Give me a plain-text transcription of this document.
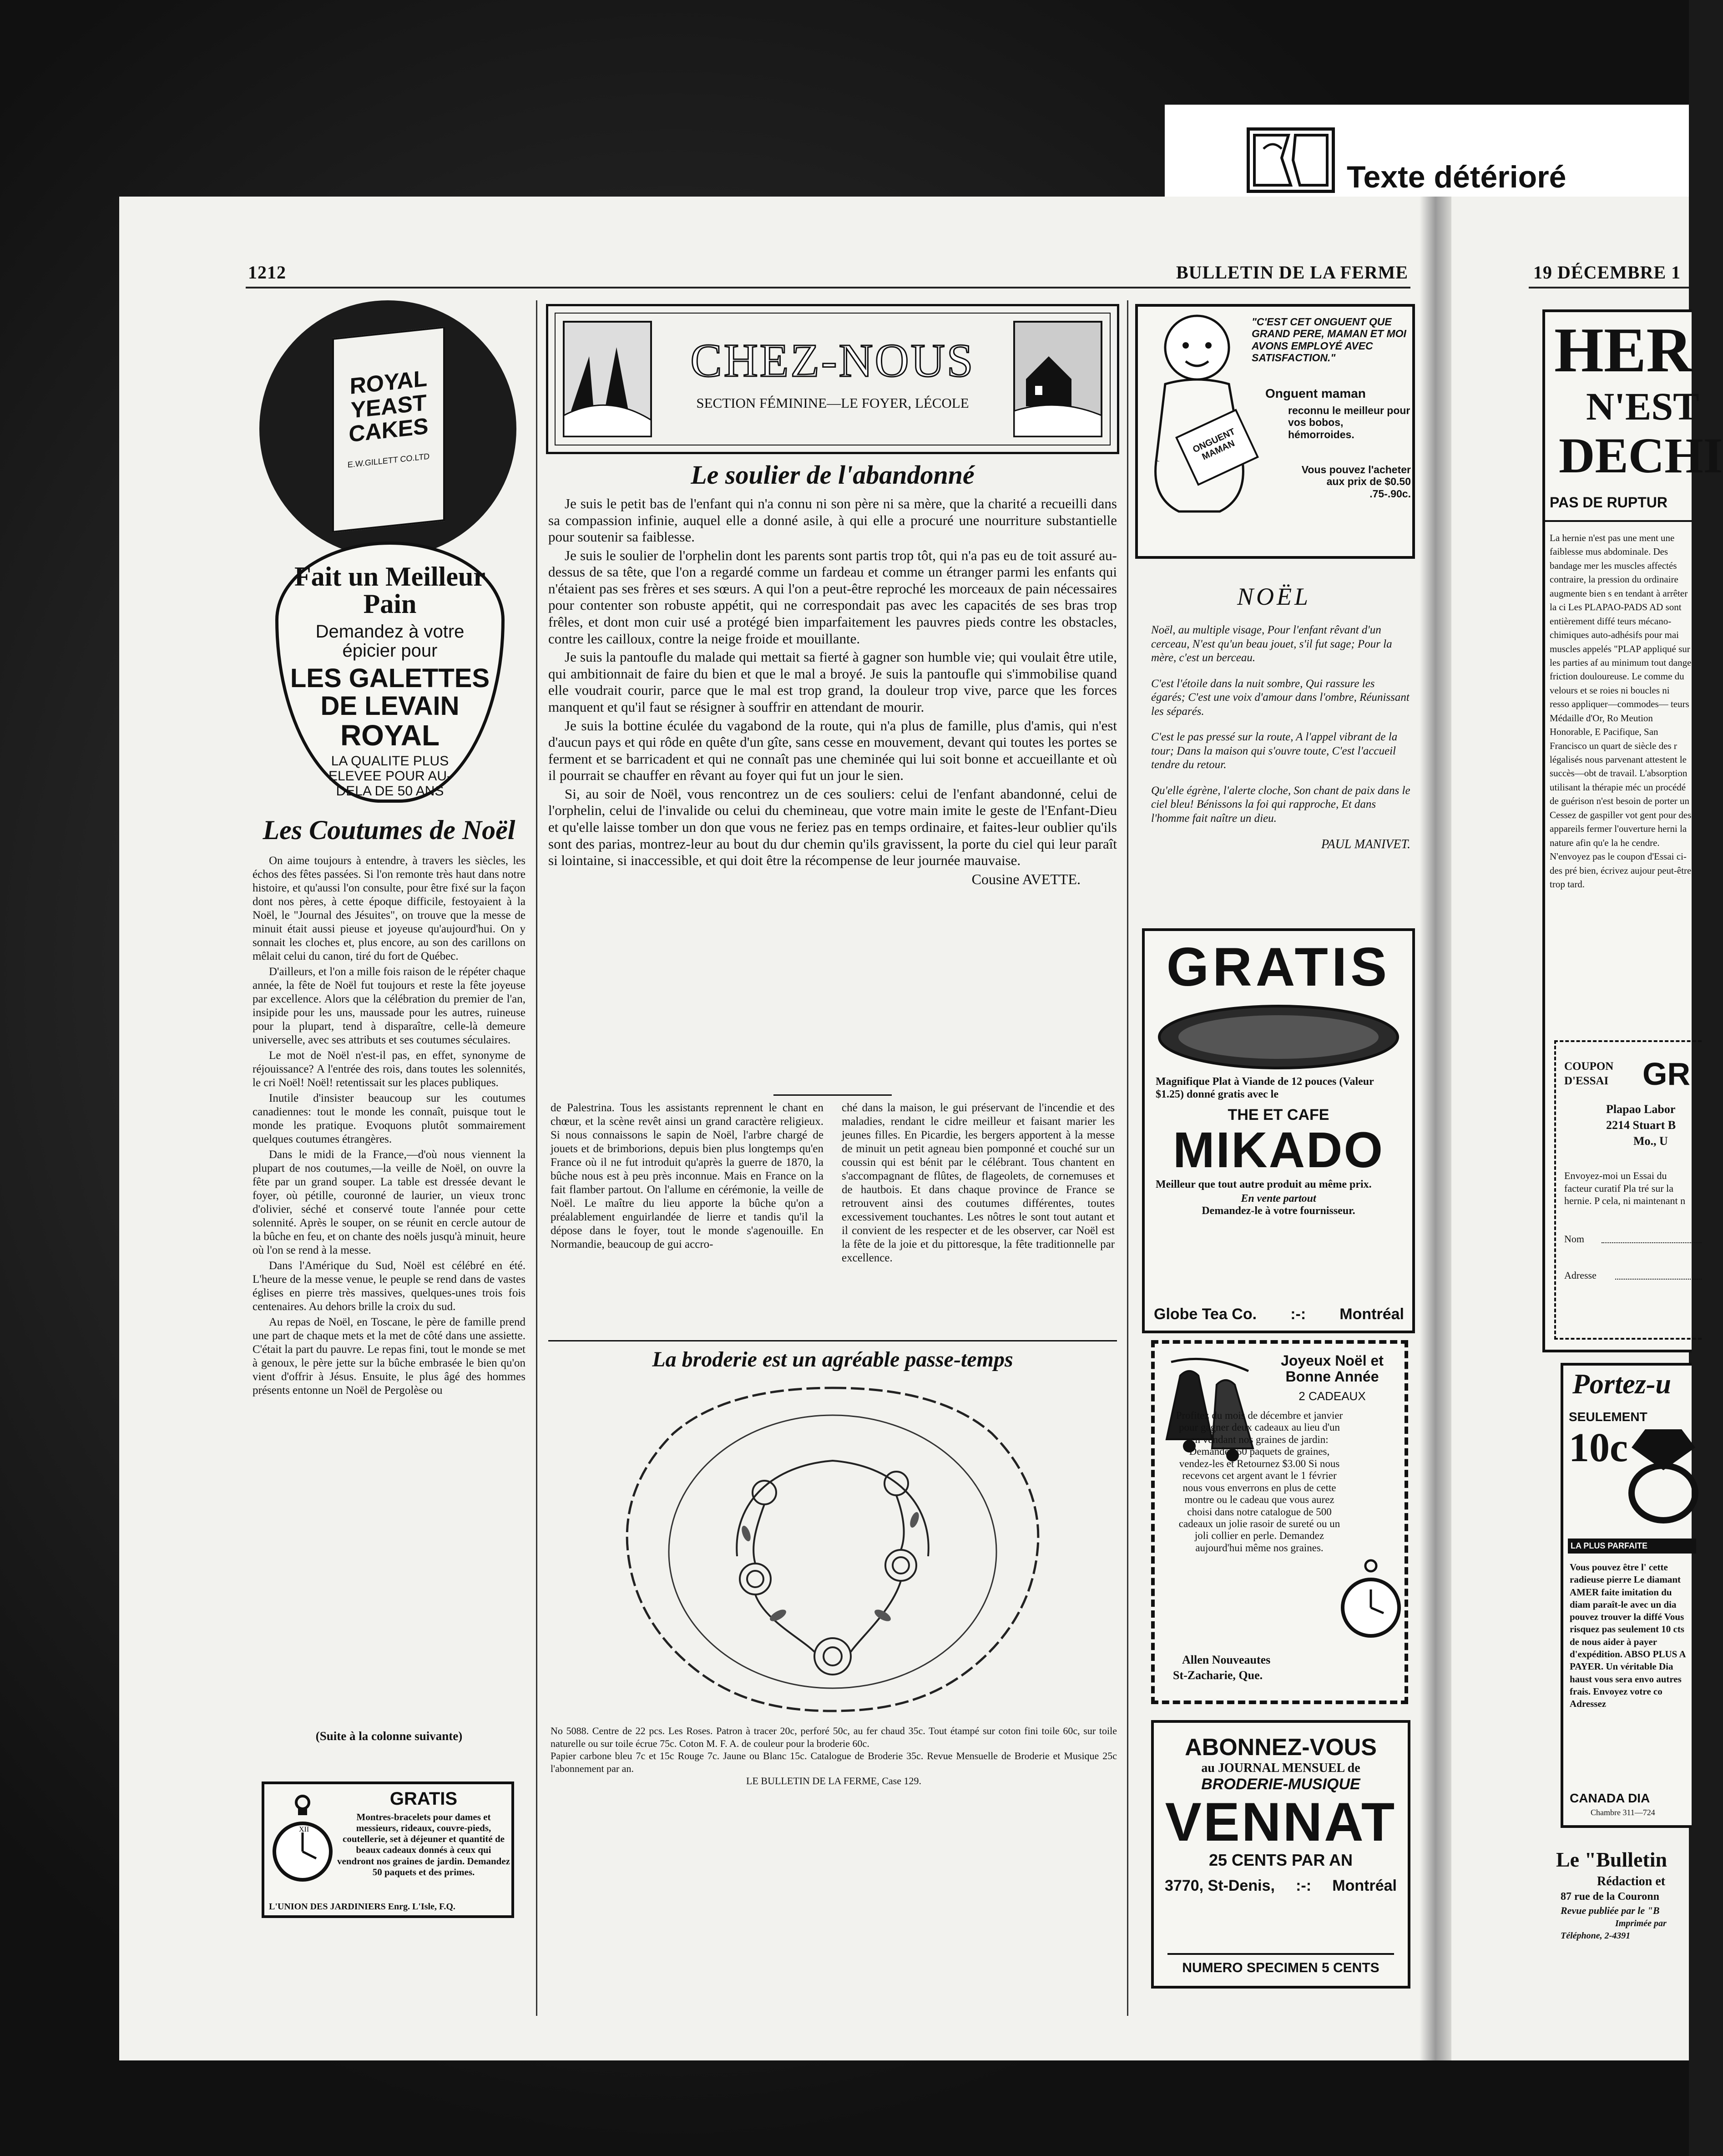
Texte détérioré
1212	BULLETIN DE LA FERME	19 DÉCEMBRE 1
ROYAL
YEAST
CAKES
E.W.GILLETT CO.LTD
Fait un Meilleur Pain
Demandez à votre épicier pour
LES GALETTES
DE LEVAIN
ROYAL
LA QUALITE PLUS ELEVEE POUR AU-DELA DE 50 ANS
Les Coutumes de Noël

On aime toujours à entendre, à travers les siècles, les échos des fêtes passées. Si l'on remonte très haut dans notre histoire, et qu'aussi l'on consulte, pour être fixé sur la façon dont nos pères, à cette époque difficile, festoyaient à la Noël, le "Journal des Jésuites", on trouve que la messe de minuit était aussi pieuse et joyeuse qu'aujourd'hui. On y sonnait les cloches et, plus encore, au son des carillons on mêlait celui du canon, tiré du fort de Québec.

D'ailleurs, et l'on a mille fois raison de le répéter chaque année, la fête de Noël fut toujours et reste la fête joyeuse par excellence. Alors que la célébration du premier de l'an, insipide pour les uns, maussade pour les autres, ruineuse pour la plupart, tend à disparaître, celle-là demeure universelle, avec ses attributs et ses coutumes séculaires.

Le mot de Noël n'est-il pas, en effet, synonyme de réjouissance? A l'entrée des rois, dans toutes les solennités, le cri Noël! Noël! retentissait sur les places publiques.

Inutile d'insister beaucoup sur les coutumes canadiennes: tout le monde les connaît, puisque tout le monde les pratique. Evoquons plutôt sommairement quelques coutumes étrangères.

Dans le midi de la France,—d'où nous viennent la plupart de nos coutumes,—la veille de Noël, on ouvre la fête par un grand souper. La table est dressée devant le foyer, où pétille, couronné de laurier, un vieux tronc d'olivier, séché et conservé toute l'année pour cette solennité. Après le souper, on se réunit en cercle autour de la bûche en feu, et on chante des noëls jusqu'à minuit, heure où l'on se rend à la messe.

Dans l'Amérique du Sud, Noël est célébré en été. L'heure de la messe venue, le peuple se rend dans de vastes églises en pierre très massives, quelques-unes trois fois centenaires. Au dehors brille la croix du sud.

Au repas de Noël, en Toscane, le père de famille prend une part de chaque mets et la met de côté dans une assiette. C'était la part du pauvre. Le repas fini, tout le monde se met à genoux, le père jette sur la bûche embrasée le bien qu'on vient d'offrir à Jésus. Ensuite, le plus âgé des hommes présents entonne un Noël de Pergolèse ou

(Suite à la colonne suivante)
XII
GRATIS
Montres-bracelets pour dames et messieurs, rideaux, couvre-pieds, coutellerie, set à déjeuner et quantité de beaux cadeaux donnés à ceux qui vendront nos graines de jardin. Demandez 50 paquets et des primes.
L'UNION DES JARDINIERS Enrg. L'Isle, F.Q.
CHEZ-NOUS
SECTION FÉMININE—LE FOYER, LÉCOLE
Le soulier de l'abandonné

Je suis le petit bas de l'enfant qui n'a connu ni son père ni sa mère, que la charité a recueilli dans sa compassion infinie, auquel elle a donné asile, à qui elle a procuré une nourriture substantielle pour soutenir sa faiblesse.

Je suis le soulier de l'orphelin dont les parents sont partis trop tôt, qui n'a pas eu de toit assuré au-dessus de sa tête, que l'on a regardé comme un fardeau et comme un étranger parmi les enfants qui n'étaient pas ses frères et ses sœurs. A qui l'on a peut-être reproché les morceaux de pain nécessaires pour contenter son robuste appétit, qui ne correspondait pas avec les capacités de ses bras trop frêles, et dont mon cuir usé a protégé bien imparfaitement les pauvres pieds contre les obstacles, contre les cailloux, contre la neige froide et mouillante.

Je suis la pantoufle du malade qui mettait sa fierté à gagner son humble vie; qui voulait être utile, qui ambitionnait de faire du bien et que le mal a broyé. Je suis la pantoufle qui s'immobilise quand elle voudrait courir, parce que le mal est trop grand, la douleur trop vive, parce que les forces manquent et qu'il faut se résigner à souffrir en attendant de mourir.

Je suis la bottine éculée du vagabond de la route, qui n'a plus de famille, plus d'amis, qui n'est d'aucun pays et qui rôde en quête d'un gîte, sans cesse en mouvement, devant qui toutes les portes se ferment et se barricadent et qui ne connaît pas une cheminée qui lui soit bonne et accueillante et où il pourrait se chauffer en rêvant au foyer qui fut un jour le sien.

Si, au soir de Noël, vous rencontrez un de ces souliers: celui de l'enfant abandonné, celui de l'orphelin, celui de l'invalide ou celui du chemineau, que votre main imite le geste de l'Enfant-Dieu et qu'elle laisse tomber un don que vous ne feriez pas en temps ordinaire, et faites-leur oublier qu'ils sont des parias, montrez-leur au bout du dur chemin qu'ils gravissent, la porte du ciel qui leur paraît si lointaine, si inaccessible, et qui doit être la récompense de leur journée mauvaise.

Cousine AVETTE.
de Palestrina. Tous les assistants reprennent le chant en chœur, et la scène revêt ainsi un grand caractère religieux. Si nous connaissons le sapin de Noël, l'arbre chargé de jouets et de brimborions, depuis bien plus longtemps qu'en France où il ne fut introduit qu'après la guerre de 1870, la bûche nous est à peu près inconnue. Mais en France on la fait flamber partout. On l'allume en cérémonie, la veille de Noël. Le maître du lieu apporte la bûche qu'on a préalablement enguirlandée de lierre et tandis qu'il la dépose dans le foyer, tout le monde s'agenouille. En Normandie, beaucoup de gui accro-
ché dans la maison, le gui préservant de l'incendie et des maladies, rendant le cidre meilleur et faisant marier les jeunes filles. En Picardie, les bergers apportent à la messe de minuit un petit agneau bien pomponné et couché sur un coussin qui est bénit par le célébrant. Tous chantent en s'accompagnant de flûtes, de flageolets, de cornemuses et de hautbois. Et dans chaque province de France se retrouvent ainsi des coutumes différentes, toutes excessivement touchantes. Les nôtres le sont tout autant et il convient de les respecter et de les observer, car Noël est la fête de la joie et du pittoresque, la fête traditionnelle par excellence.
La broderie est un agréable passe-temps
No 5088. Centre de 22 pcs. Les Roses. Patron à tracer 20c, perforé 50c, au fer chaud 35c. Tout étampé sur coton fini toile 60c, sur toile naturelle ou sur toile écrue 75c. Coton M. F. A. de couleur pour la broderie 60c.
Papier carbone bleu 7c et 15c Rouge 7c. Jaune ou Blanc 15c. Catalogue de Broderie 35c. Revue Mensuelle de Broderie et Musique 25c l'abonnement par an.
LE BULLETIN DE LA FERME, Case 129.
ONGUENT MAMAN
"C'EST CET ONGUENT QUE GRAND PERE, MAMAN ET MOI AVONS EMPLOYÉ AVEC SATISFACTION."
Onguent maman
reconnu le meilleur pour vos bobos, hémorroides.
Vous pouvez l'acheter aux prix de $0.50 .75-.90c.
NOËL

Noël, au multiple visage, Pour l'enfant rêvant d'un cerceau, N'est qu'un beau jouet, s'il fut sage; Pour la mère, c'est un berceau.

C'est l'étoile dans la nuit sombre, Qui rassure les égarés; C'est une voix d'amour dans l'ombre, Réunissant les séparés.

C'est le pas pressé sur la route, A l'appel vibrant de la tour; Dans la maison qui s'ouvre toute, C'est l'accueil tendre du retour.

Qu'elle égrène, l'alerte cloche, Son chant de paix dans le ciel bleu! Bénissons la foi qui rapproche, Et dans l'homme fait naître un dieu.

PAUL MANIVET.
GRATIS
Magnifique Plat à Viande de 12 pouces (Valeur $1.25) donné gratis avec le
THE ET CAFE
MIKADO
Meilleur que tout autre produit au même prix.
En vente partout
Demandez-le à votre fournisseur.
Globe Tea Co. :-: Montréal
Joyeux Noël et Bonne Année
2 CADEAUX
Profitez du mois de décembre et janvier pour gagner deux cadeaux au lieu d'un en vendant nos graines de jardin: Demandez 50 paquets de graines, vendez-les et Retournez $3.00 Si nous recevons cet argent avant le 1 février nous vous enverrons en plus de cette montre ou le cadeau que vous aurez choisi dans notre catalogue de 500 cadeaux un jolie rasoir de sureté ou un joli collier en perle. Demandez aujourd'hui même nos graines.
Allen Nouveautes
St-Zacharie, Que.
ABONNEZ-VOUS
au JOURNAL MENSUEL de
BRODERIE-MUSIQUE
VENNAT
25 CENTS PAR AN
3770, St-Denis, :-: Montréal
NUMERO SPECIMEN 5 CENTS
HER
N'EST
DECHI
PAS DE RUPTUR
La hernie n'est pas une ment une faiblesse mus abdominale. Des bandage mer les muscles affectés contraire, la pression du ordinaire augmente bien s en tendant à arrêter la ci Les PLAPAO-PADS AD sont entièrement diffé teurs mécano-chimiques auto-adhésifs pour mai muscles appelés "PLAP appliqué sur les parties af au minimum tout dange friction douloureuse. Le comme du velours et se roies ni boucles ni resso appliquer—commodes— teurs Médaille d'Or, Ro Meution Honorable, E Pacifique, San Francisco un quart de siècle des r légalisés nous parvenant attestent le succès—obt de travail. L'absorption utilisant la thérapie méc un procédé de guérison n'est besoin de porter un Cessez de gaspiller vot gent pour des appareils fermer l'ouverture herni la nature afin qu'e la he cendre. N'envoyez pas le coupon d'Essai ci-des pré bien, écrivez aujour peut-être trop tard.
COUPON
D'ESSAI GR
Plapao Labor
2214 Stuart B
Mo., U
Envoyez-moi un Essai du facteur curatif Pla tré sur la hernie. P cela, ni maintenant n
Nom
Adresse
Portez-u
SEULEMENT
10c
LA PLUS PARFAITE
Vous pouvez être l' cette radieuse pierre Le diamant AMER faite imitation du diam paraît-le avec un dia pouvez trouver la diffé Vous risquez pas seulement 10 cts de nous aider à payer d'expédition. ABSO PLUS A PAYER. Un véritable Dia haust vous sera envo autres frais. Envoyez votre co Adressez
CANADA DIA
Chambre 311—724
Le "Bulletin
Rédaction et
87 rue de la Couronn
Revue publiée par le "B
Imprimée par
Téléphone, 2-4391
